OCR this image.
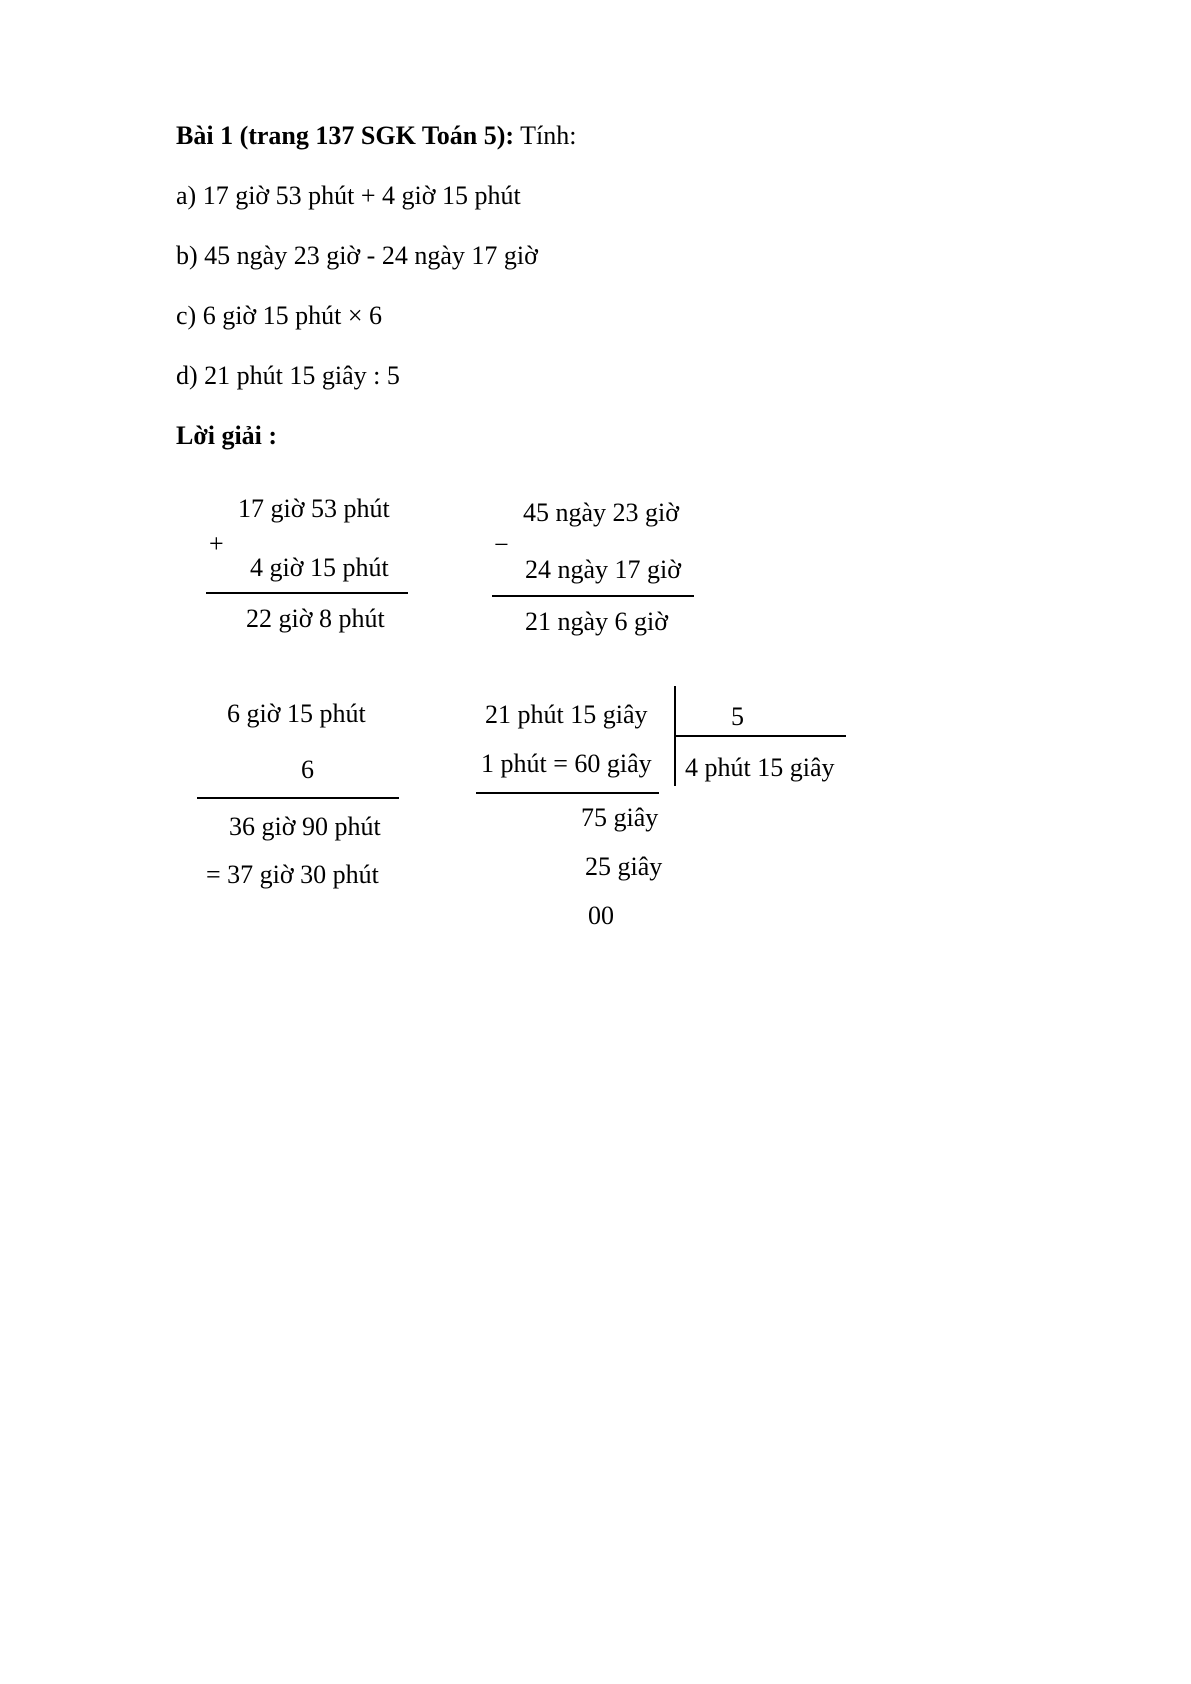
Bài 1 (trang 137 SGK Toán 5): Tính:
a) 17 giờ 53 phút + 4 giờ 15 phút
b) 45 ngày 23 giờ - 24 ngày 17 giờ
c) 6 giờ 15 phút × 6
d) 21 phút 15 giây : 5
Lời giải :
17 giờ 53 phút
+
4 giờ 15 phút
22 giờ 8 phút
45 ngày 23 giờ
−
24 ngày 17 giờ
21 ngày 6 giờ
6 giờ 15 phút
6
36 giờ 90 phút
= 37 giờ 30 phút
21 phút 15 giây	5
1 phút = 60 giây 4 phút 15 giây
75 giây
25 giây
00
